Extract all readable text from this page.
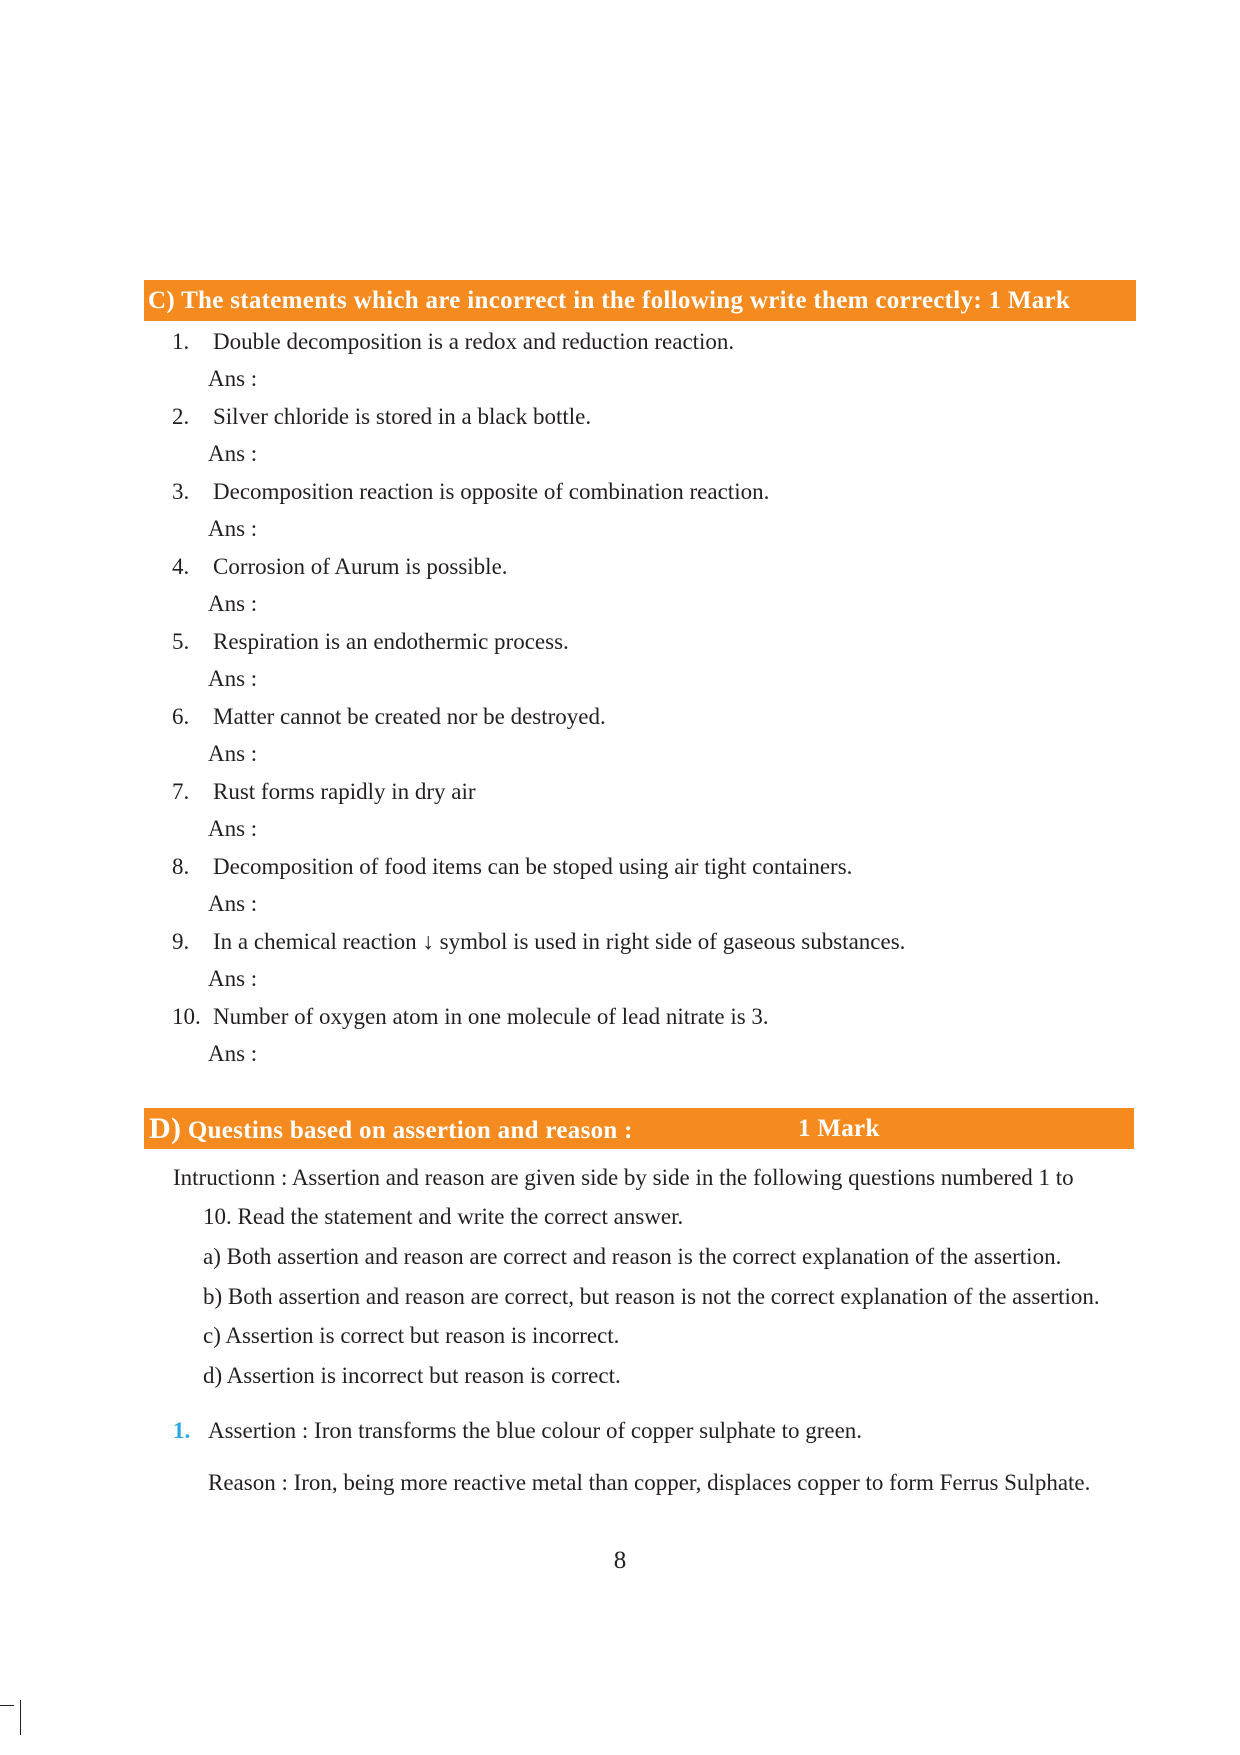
C) The statements which are incorrect in the following write them correctly: 1 Mark
1. Double decomposition is a redox and reduction reaction.
Ans :
2. Silver chloride is stored in a black bottle.
Ans :
3. Decomposition reaction is opposite of combination reaction.
Ans :
4. Corrosion of Aurum is possible.
Ans :
5. Respiration is an endothermic process.
Ans :
6. Matter cannot be created nor be destroyed.
Ans :
7. Rust forms rapidly in dry air
Ans :
8. Decomposition of food items can be stoped using air tight containers.
Ans :
9. In a chemical reaction ↓ symbol is used in right side of gaseous substances.
Ans :
10. Number of oxygen atom in one molecule of lead nitrate is 3.
Ans :
D) Questins based on assertion and reason :	1 Mark
Intructionn : Assertion and reason are given side by side in the following questions numbered 1 to
10. Read the statement and write the correct answer.
a) Both assertion and reason are correct and reason is the correct explanation of the assertion.
b) Both assertion and reason are correct, but reason is not the correct explanation of the assertion.
c) Assertion is correct but reason is incorrect.
d) Assertion is incorrect but reason is correct.
1. Assertion : Iron transforms the blue colour of copper sulphate to green.
Reason : Iron, being more reactive metal than copper, displaces copper to form Ferrus Sulphate.
8
